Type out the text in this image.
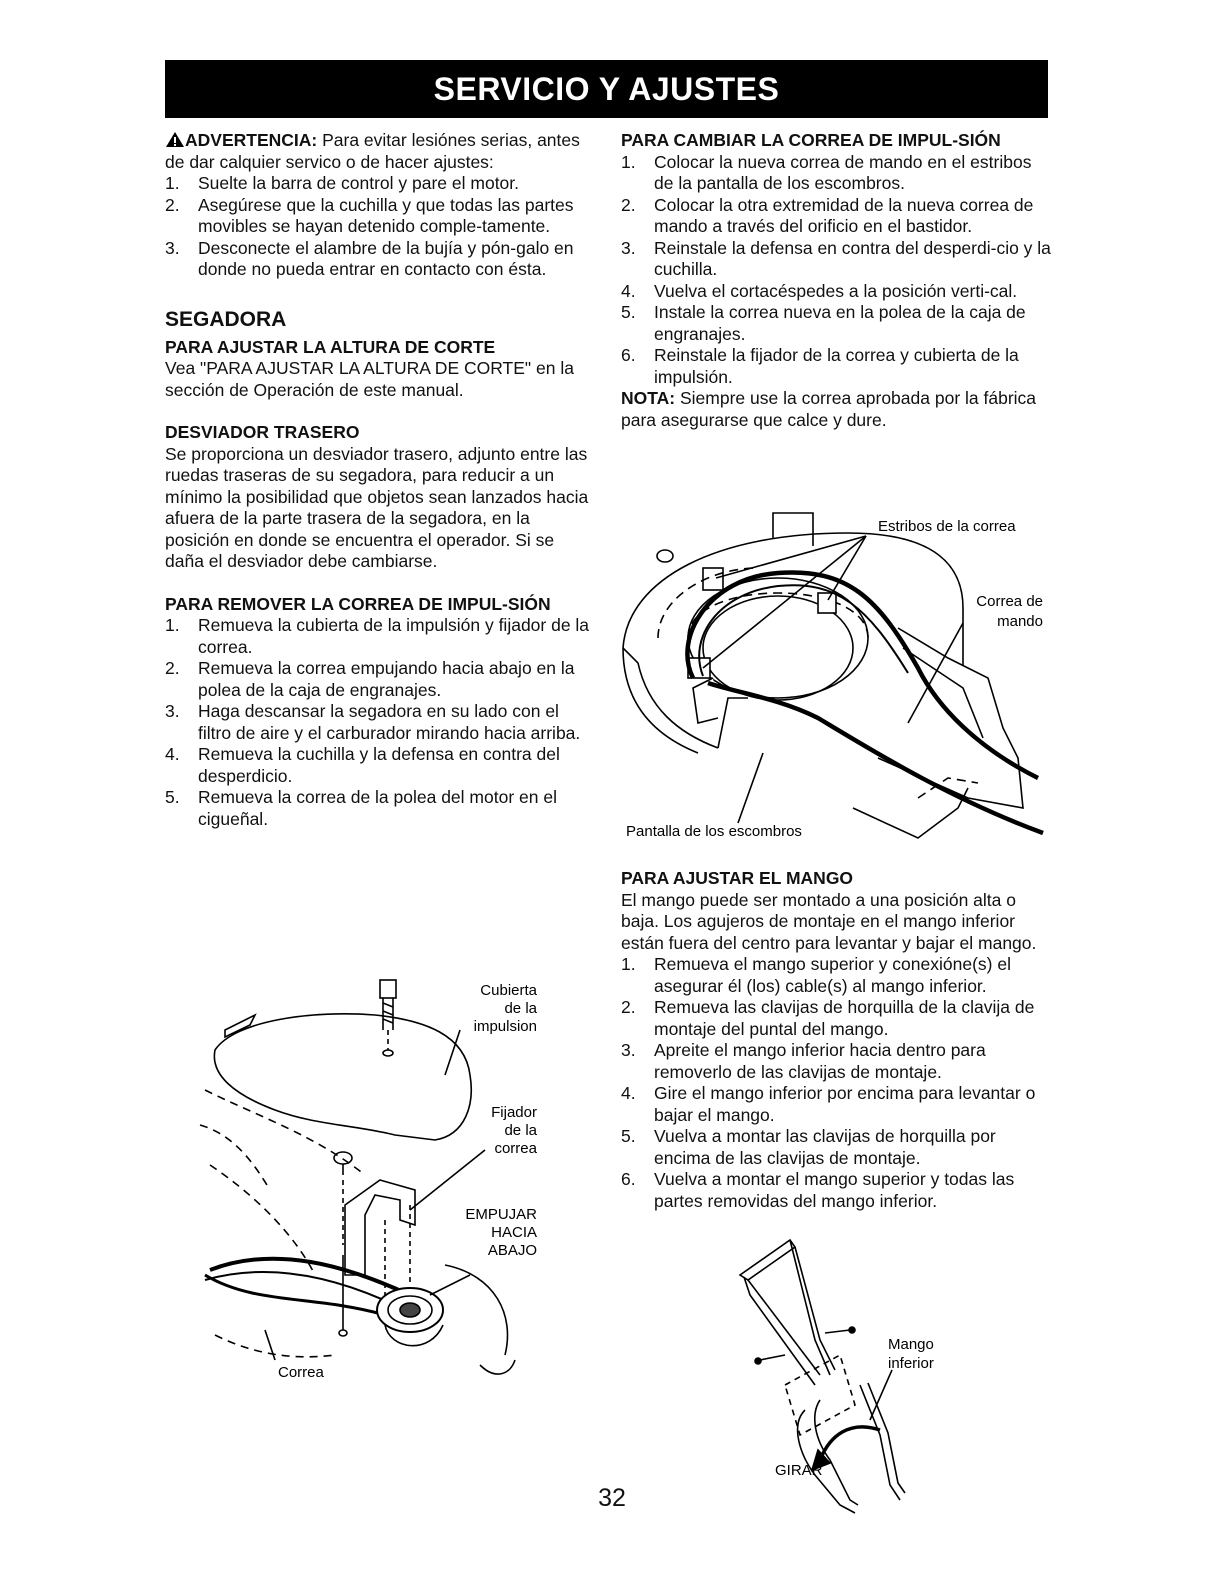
SERVICIO Y AJUSTES

ADVERTENCIA: Para evitar lesiónes serias, antes de dar calquier servico o de hacer ajustes:

1. Suelte la barra de control y pare el motor.
2. Asegúrese que la cuchilla y que todas las partes movibles se hayan detenido comple-tamente.
3. Desconecte el alambre de la bujía y pón-galo en donde no pueda entrar en contacto con ésta.
SEGADORA
PARA AJUSTAR LA ALTURA DE CORTE

Vea "PARA AJUSTAR LA ALTURA DE CORTE" en la sección de Operación de este manual.

DESVIADOR TRASERO

Se proporciona un desviador trasero, adjunto entre las ruedas traseras de su segadora, para reducir a un mínimo la posibilidad que objetos sean lanzados hacia afuera de la parte trasera de la segadora, en la posición en donde se encuentra el operador. Si se daña el desviador debe cambiarse.

PARA REMOVER LA CORREA DE IMPUL-SIÓN
1. Remueva la cubierta de la impulsión y fijador de la correa.
2. Remueva la correa empujando hacia abajo en la polea de la caja de engranajes.
3. Haga descansar la segadora en su lado con el filtro de aire y el carburador mirando hacia arriba.
4. Remueva la cuchilla y la defensa en contra del desperdicio.
5. Remueva la correa de la polea del motor en el cigueñal.
Cubierta
de la
impulsion
Fijador
de la
correa
EMPUJAR
HACIA
ABAJO
Correa
PARA CAMBIAR LA CORREA DE IMPUL-SIÓN
1. Colocar la nueva correa de mando en el estribos de la pantalla de los escombros.
2. Colocar la otra extremidad de la nueva correa de mando a través del orificio en el bastidor.
3. Reinstale la defensa en contra del desperdi-cio y la cuchilla.
4. Vuelva el cortacéspedes a la posición verti-cal.
5. Instale la correa nueva en la polea de la caja de engranajes.
6. Reinstale la fijador de la correa y cubierta de la impulsión.

NOTA: Siempre use la correa aprobada por la fábrica para asegurarse que calce y dure.

Estribos de la correa
Correa de
mando
Pantalla de los escombros
PARA AJUSTAR EL MANGO

El mango puede ser montado a una posición alta o baja. Los agujeros de montaje en el mango inferior están fuera del centro para levantar y bajar el mango.

1. Remueva el mango superior y conexióne(s) el asegurar él (los) cable(s) al mango inferior.
2. Remueva las clavijas de horquilla de la clavija de montaje del puntal del mango.
3. Apreite el mango inferior hacia dentro para removerlo de las clavijas de montaje.
4. Gire el mango inferior por encima para levantar o bajar el mango.
5. Vuelva a montar las clavijas de horquilla por encima de las clavijas de montaje.
6. Vuelva a montar el mango superior y todas las partes removidas del mango inferior.
Mango
inferior
GIRAR
32
